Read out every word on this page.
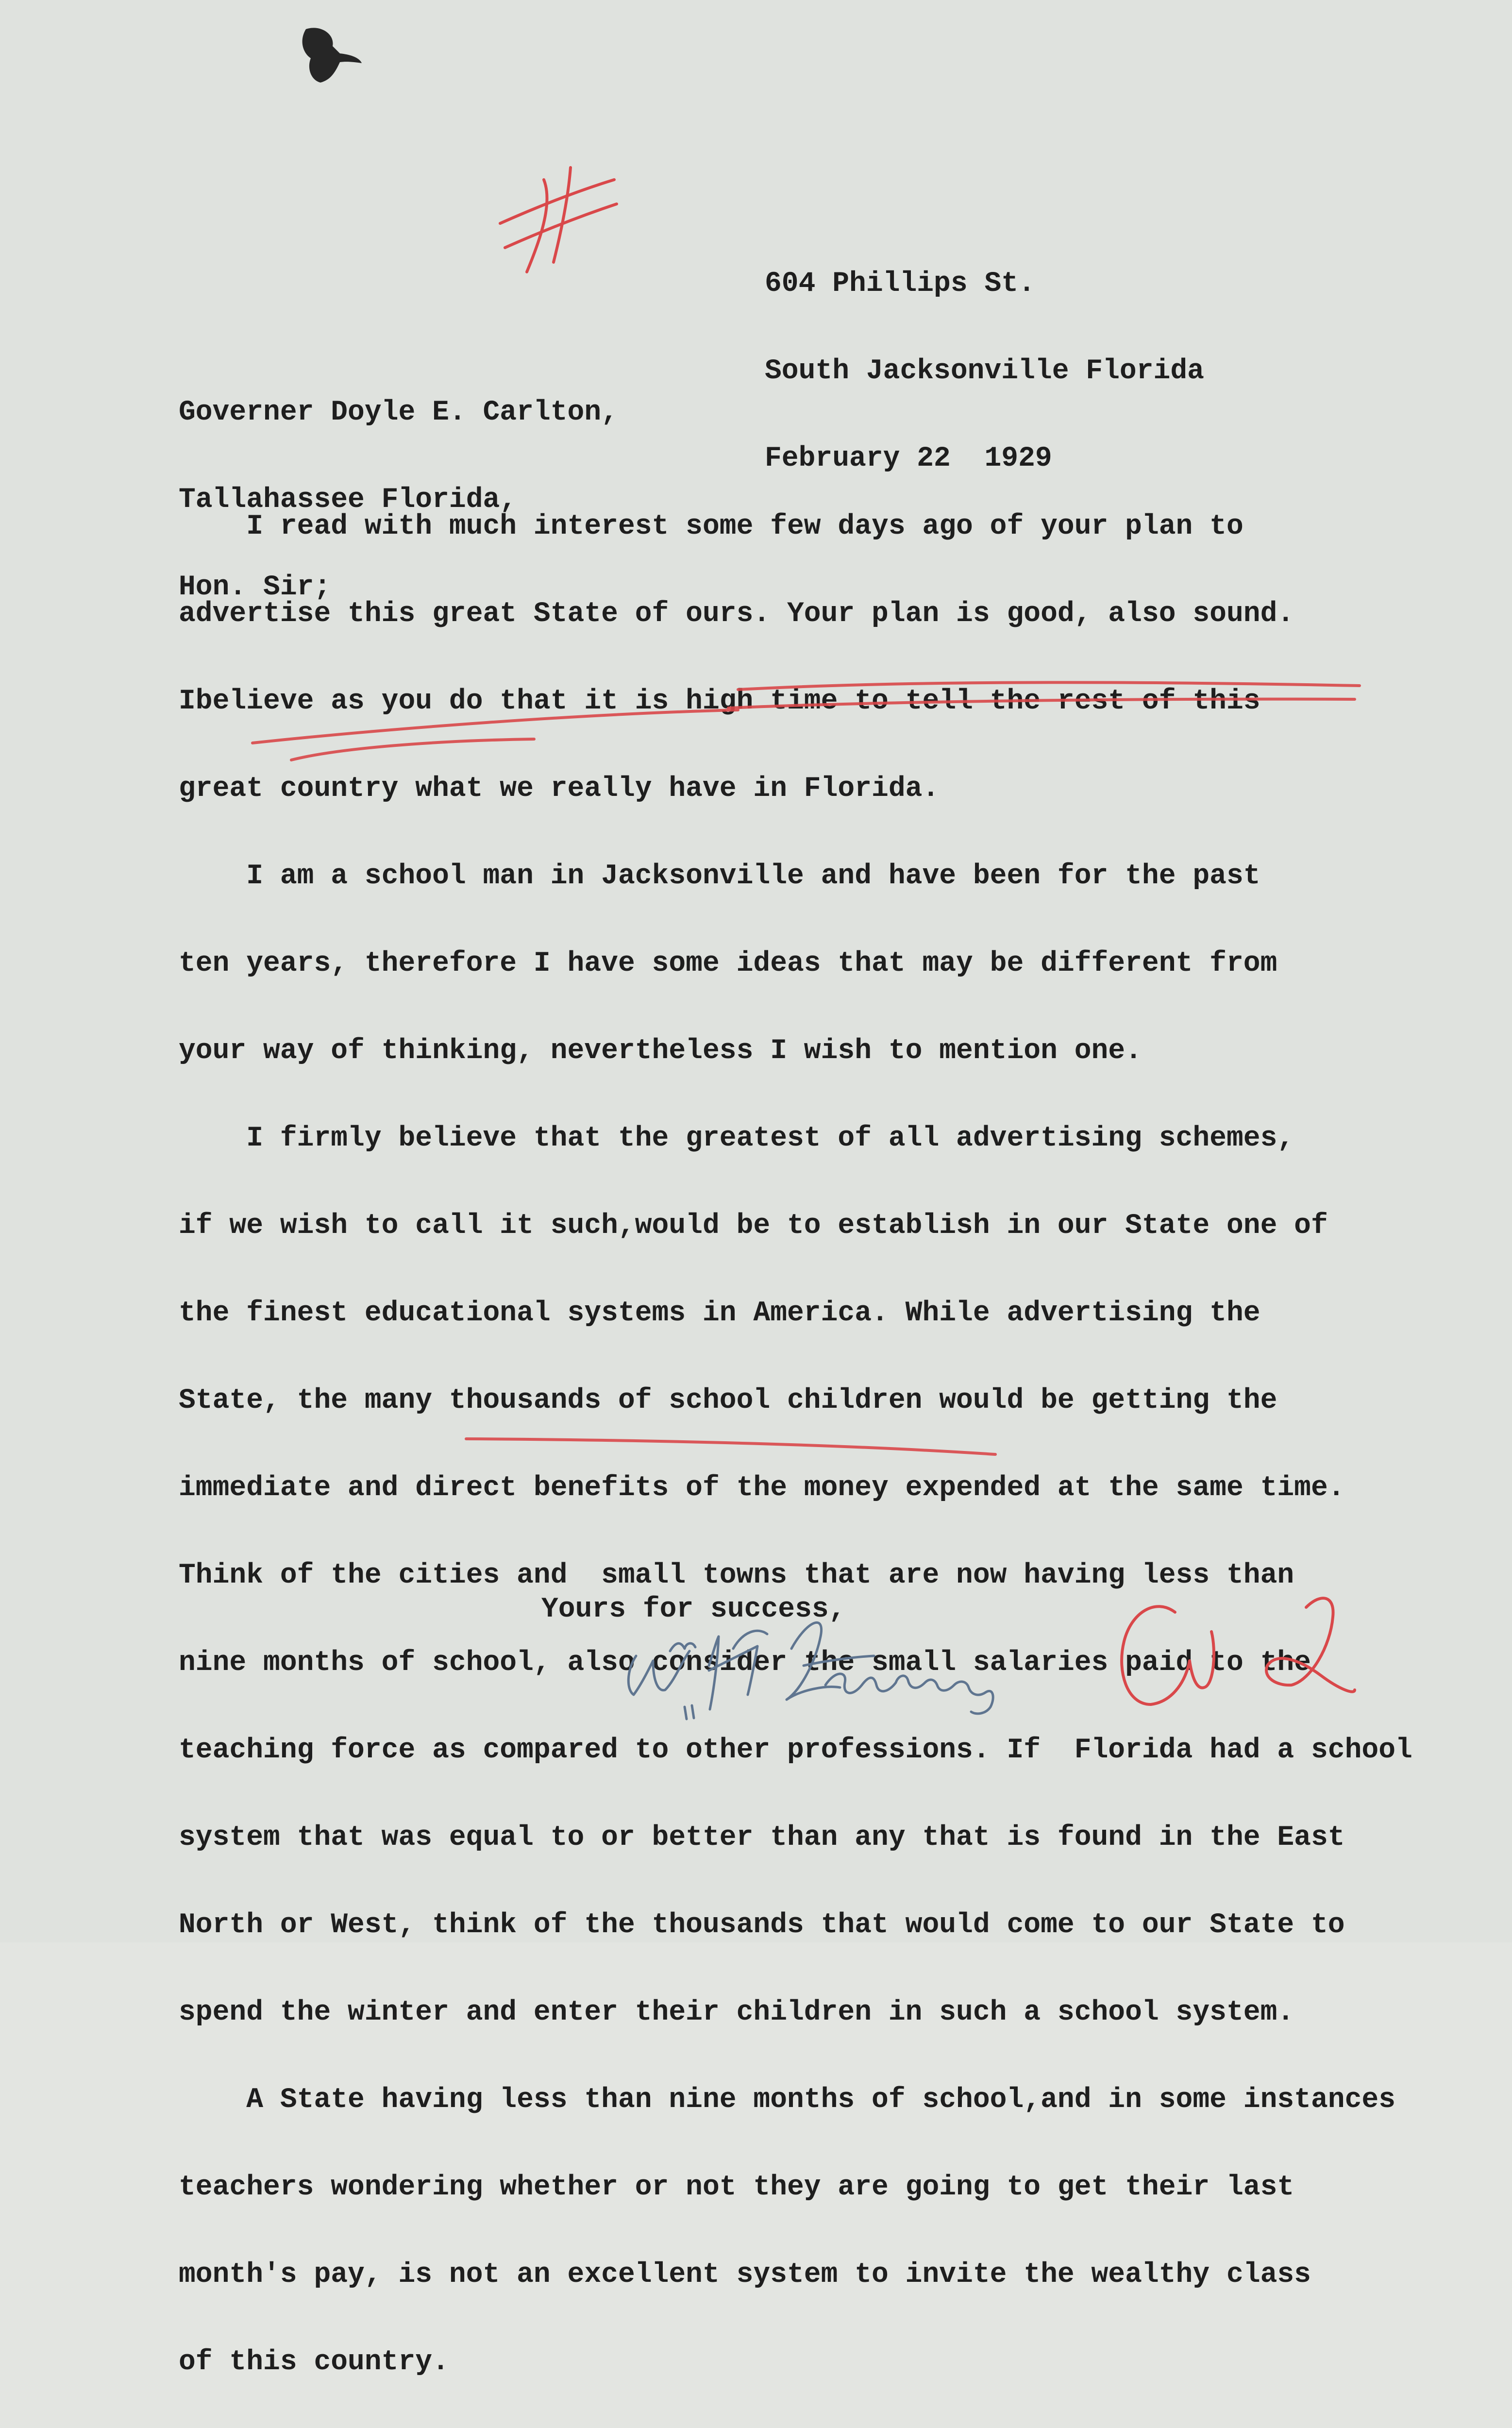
604 Phillips St.

South Jacksonville Florida

February 22  1929

Governer Doyle E. Carlton,

Tallahassee Florida,

Hon. Sir;

I read with much interest some few days ago of your plan to

advertise this great State of ours. Your plan is good, also sound.

Ibelieve as you do that it is high time to tell the rest of this

great country what we really have in Florida.

I am a school man in Jacksonville and have been for the past

ten years, therefore I have some ideas that may be different from

your way of thinking, nevertheless I wish to mention one.

I firmly believe that the greatest of all advertising schemes,

if we wish to call it such,would be to establish in our State one of

the finest educational systems in America. While advertising the

State, the many thousands of school children would be getting the

immediate and direct benefits of the money expended at the same time.

Think of the cities and  small towns that are now having less than

nine months of school, also consider the small salaries paid to the

teaching force as compared to other professions. If  Florida had a school

system that was equal to or better than any that is found in the East

North or West, think of the thousands that would come to our State to

spend the winter and enter their children in such a school system.

A State having less than nine months of school,and in some instances

teachers wondering whether or not they are going to get their last

month's pay, is not an excellent system to invite the wealthy class

of this country.

Yours for success,
